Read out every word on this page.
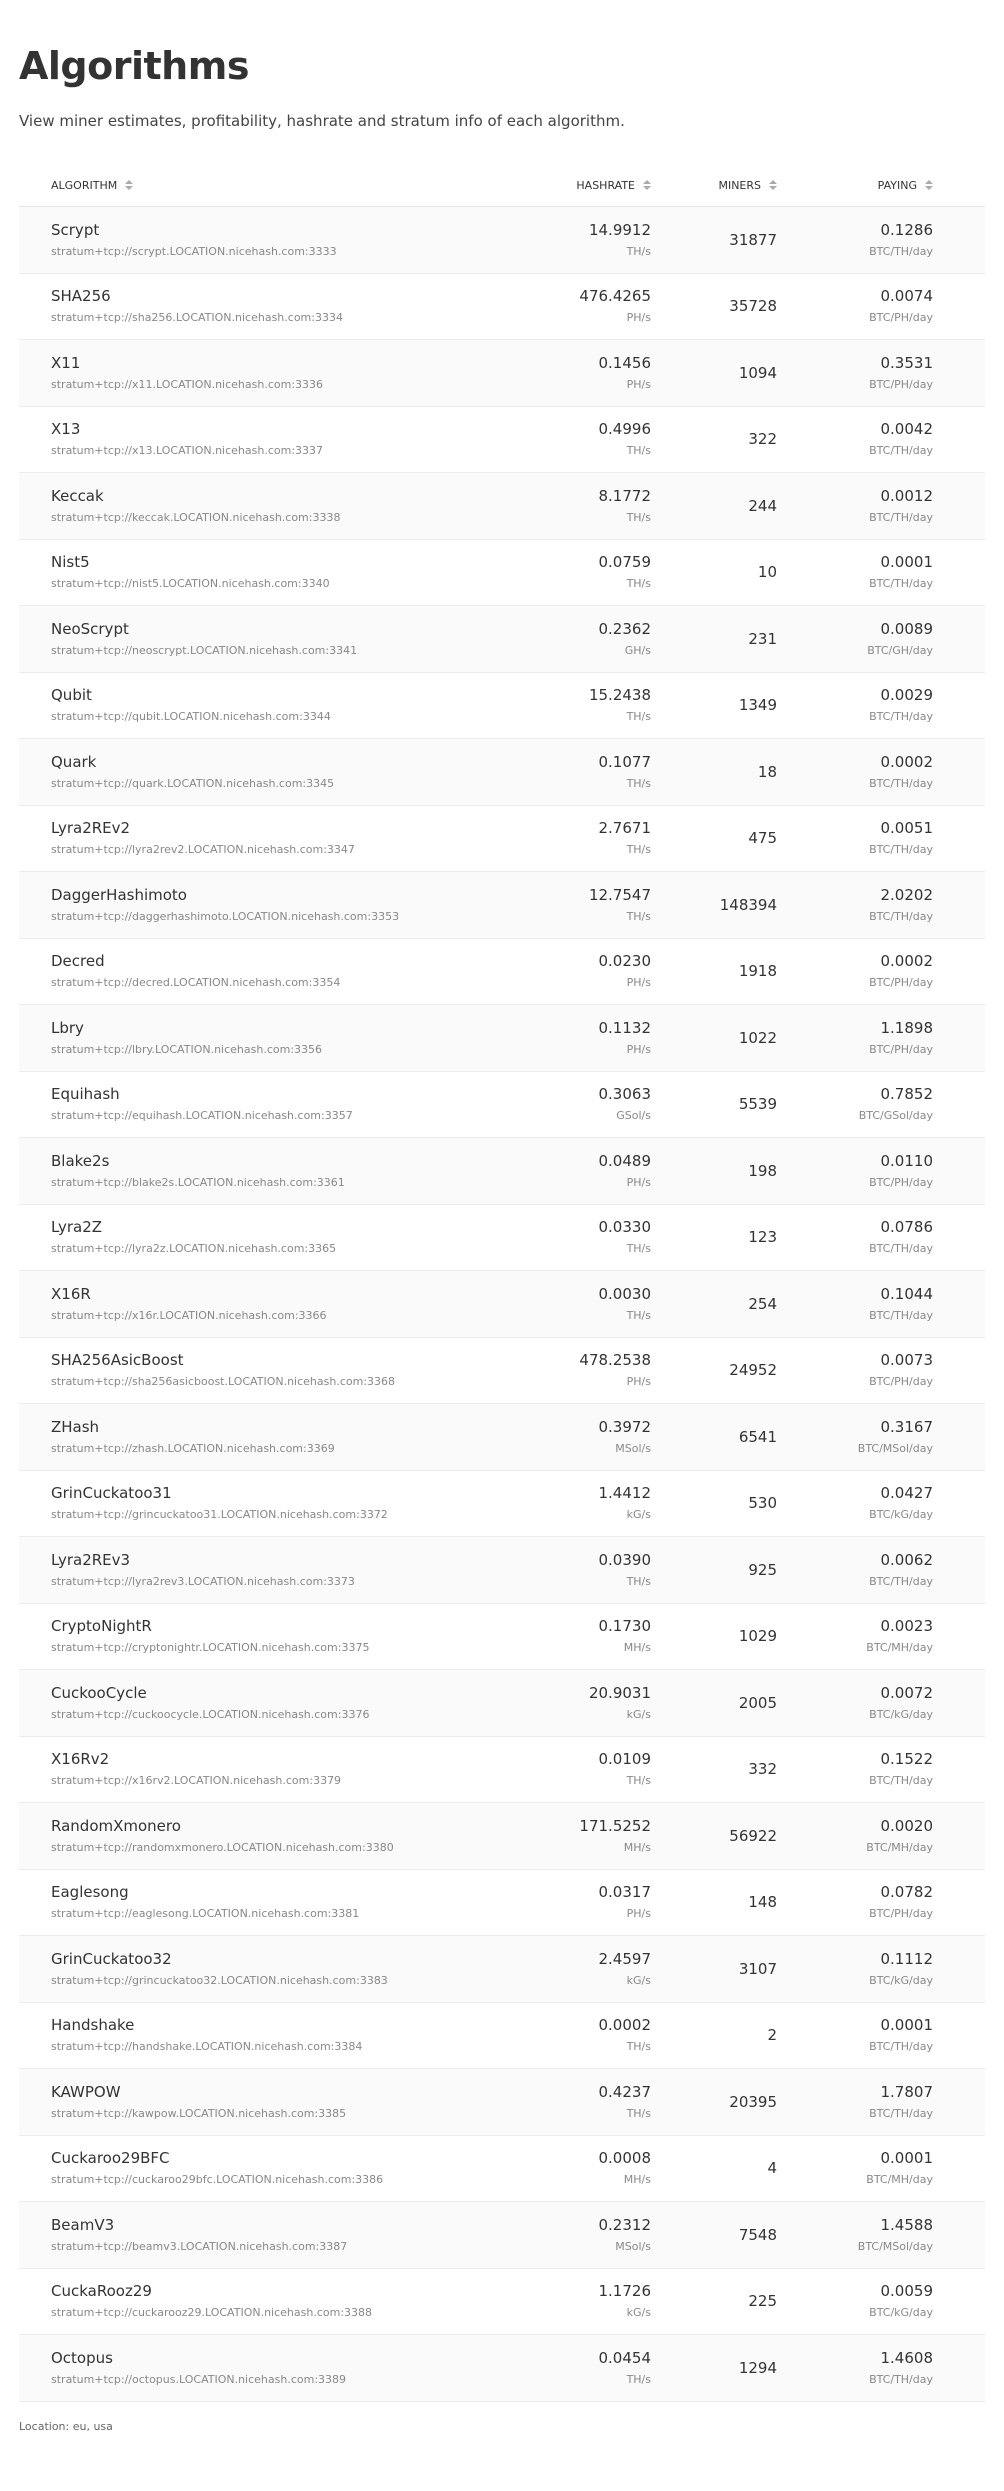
Algorithms

View miner estimates, profitability, hashrate and stratum info of each algorithm.

ALGORITHM	HASHRATE	MINERS	PAYING

Scrypt
stratum+tcp://scrypt.LOCATION.nicehash.com:3333	14.9912
TH/s	31877	0.1286
BTC/TH/day

SHA256
stratum+tcp://sha256.LOCATION.nicehash.com:3334	476.4265
PH/s	35728	0.0074
BTC/PH/day

X11
stratum+tcp://x11.LOCATION.nicehash.com:3336	0.1456
PH/s	1094	0.3531
BTC/PH/day

X13
stratum+tcp://x13.LOCATION.nicehash.com:3337	0.4996
TH/s	322	0.0042
BTC/TH/day

Keccak
stratum+tcp://keccak.LOCATION.nicehash.com:3338	8.1772
TH/s	244	0.0012
BTC/TH/day

Nist5
stratum+tcp://nist5.LOCATION.nicehash.com:3340	0.0759
TH/s	10	0.0001
BTC/TH/day

NeoScrypt
stratum+tcp://neoscrypt.LOCATION.nicehash.com:3341	0.2362
GH/s	231	0.0089
BTC/GH/day

Qubit
stratum+tcp://qubit.LOCATION.nicehash.com:3344	15.2438
TH/s	1349	0.0029
BTC/TH/day

Quark
stratum+tcp://quark.LOCATION.nicehash.com:3345	0.1077
TH/s	18	0.0002
BTC/TH/day

Lyra2REv2
stratum+tcp://lyra2rev2.LOCATION.nicehash.com:3347	2.7671
TH/s	475	0.0051
BTC/TH/day

DaggerHashimoto
stratum+tcp://daggerhashimoto.LOCATION.nicehash.com:3353	12.7547
TH/s	148394	2.0202
BTC/TH/day

Decred
stratum+tcp://decred.LOCATION.nicehash.com:3354	0.0230
PH/s	1918	0.0002
BTC/PH/day

Lbry
stratum+tcp://lbry.LOCATION.nicehash.com:3356	0.1132
PH/s	1022	1.1898
BTC/PH/day

Equihash
stratum+tcp://equihash.LOCATION.nicehash.com:3357	0.3063
GSol/s	5539	0.7852
BTC/GSol/day

Blake2s
stratum+tcp://blake2s.LOCATION.nicehash.com:3361	0.0489
PH/s	198	0.0110
BTC/PH/day

Lyra2Z
stratum+tcp://lyra2z.LOCATION.nicehash.com:3365	0.0330
TH/s	123	0.0786
BTC/TH/day

X16R
stratum+tcp://x16r.LOCATION.nicehash.com:3366	0.0030
TH/s	254	0.1044
BTC/TH/day

SHA256AsicBoost
stratum+tcp://sha256asicboost.LOCATION.nicehash.com:3368	478.2538
PH/s	24952	0.0073
BTC/PH/day

ZHash
stratum+tcp://zhash.LOCATION.nicehash.com:3369	0.3972
MSol/s	6541	0.3167
BTC/MSol/day

GrinCuckatoo31
stratum+tcp://grincuckatoo31.LOCATION.nicehash.com:3372	1.4412
kG/s	530	0.0427
BTC/kG/day

Lyra2REv3
stratum+tcp://lyra2rev3.LOCATION.nicehash.com:3373	0.0390
TH/s	925	0.0062
BTC/TH/day

CryptoNightR
stratum+tcp://cryptonightr.LOCATION.nicehash.com:3375	0.1730
MH/s	1029	0.0023
BTC/MH/day

CuckooCycle
stratum+tcp://cuckoocycle.LOCATION.nicehash.com:3376	20.9031
kG/s	2005	0.0072
BTC/kG/day

X16Rv2
stratum+tcp://x16rv2.LOCATION.nicehash.com:3379	0.0109
TH/s	332	0.1522
BTC/TH/day

RandomXmonero
stratum+tcp://randomxmonero.LOCATION.nicehash.com:3380	171.5252
MH/s	56922	0.0020
BTC/MH/day

Eaglesong
stratum+tcp://eaglesong.LOCATION.nicehash.com:3381	0.0317
PH/s	148	0.0782
BTC/PH/day

GrinCuckatoo32
stratum+tcp://grincuckatoo32.LOCATION.nicehash.com:3383	2.4597
kG/s	3107	0.1112
BTC/kG/day

Handshake
stratum+tcp://handshake.LOCATION.nicehash.com:3384	0.0002
TH/s	2	0.0001
BTC/TH/day

KAWPOW
stratum+tcp://kawpow.LOCATION.nicehash.com:3385	0.4237
TH/s	20395	1.7807
BTC/TH/day

Cuckaroo29BFC
stratum+tcp://cuckaroo29bfc.LOCATION.nicehash.com:3386	0.0008
MH/s	4	0.0001
BTC/MH/day

BeamV3
stratum+tcp://beamv3.LOCATION.nicehash.com:3387	0.2312
MSol/s	7548	1.4588
BTC/MSol/day

CuckaRooz29
stratum+tcp://cuckarooz29.LOCATION.nicehash.com:3388	1.1726
kG/s	225	0.0059
BTC/kG/day

Octopus
stratum+tcp://octopus.LOCATION.nicehash.com:3389	0.0454
TH/s	1294	1.4608
BTC/TH/day
Location: eu, usa
